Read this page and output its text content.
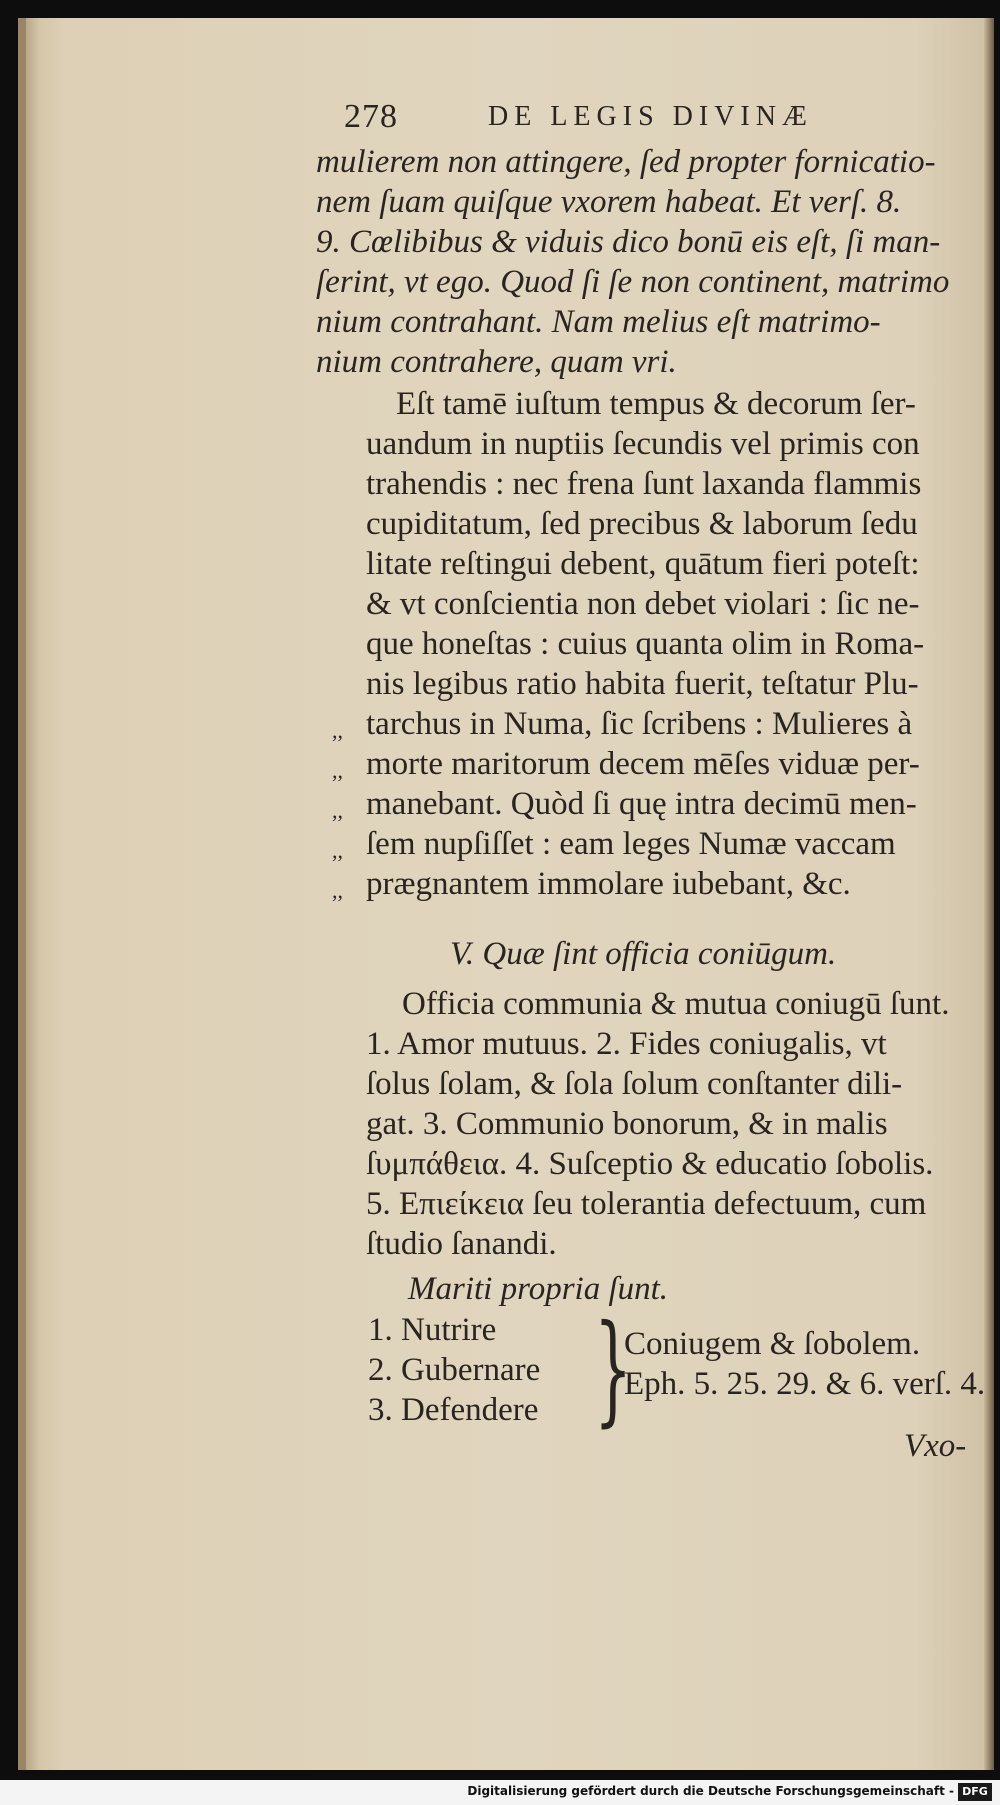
278	DE LEGIS DIVINÆ
mulierem non attingere, ſed propter fornicatio-
nem ſuam quiſque vxorem habeat. Et verſ. 8.
9. Cœlibibus & viduis dico bonū eis eſt, ſi man-
ſerint, vt ego. Quod ſi ſe non continent, matrimo
nium contrahant. Nam melius eſt matrimo-
nium contrahere, quam vri.
Eſt tamē iuſtum tempus & decorum ſer-
uandum in nuptiis ſecundis vel primis con
trahendis : nec frena ſunt laxanda flammis
cupiditatum, ſed precibus & laborum ſedu
litate reſtingui debent, quātum fieri poteſt:
& vt conſcientia non debet violari : ſic ne-
que honeſtas : cuius quanta olim in Roma-
nis legibus ratio habita fuerit, teſtatur Plu-
tarchus in Numa, ſic ſcribens : Mulieres à
morte maritorum decem mēſes viduæ per-
manebant. Quòd ſi quę intra decimū men-
ſem nupſiſſet : eam leges Numæ vaccam
prægnantem immolare iubebant, &c.
,,
,,
,,
,,
,,
V. Quæ ſint officia coniūgum.
Officia communia & mutua coniugū ſunt.
1. Amor mutuus. 2. Fides coniugalis, vt
ſolus ſolam, & ſola ſolum conſtanter dili-
gat. 3. Communio bonorum, & in malis
ſυμπάθεια. 4. Suſceptio & educatio ſobolis.
5. Επιείκεια ſeu tolerantia defectuum, cum
ſtudio ſanandi.
Mariti propria ſunt.
1. Nutrire
2. Gubernare
3. Defendere }
Coniugem & ſobolem.
Eph. 5. 25. 29. & 6. verſ. 4.
Vxo-
Digitalisierung gefördert durch die Deutsche Forschungsgemeinschaft - DFG
